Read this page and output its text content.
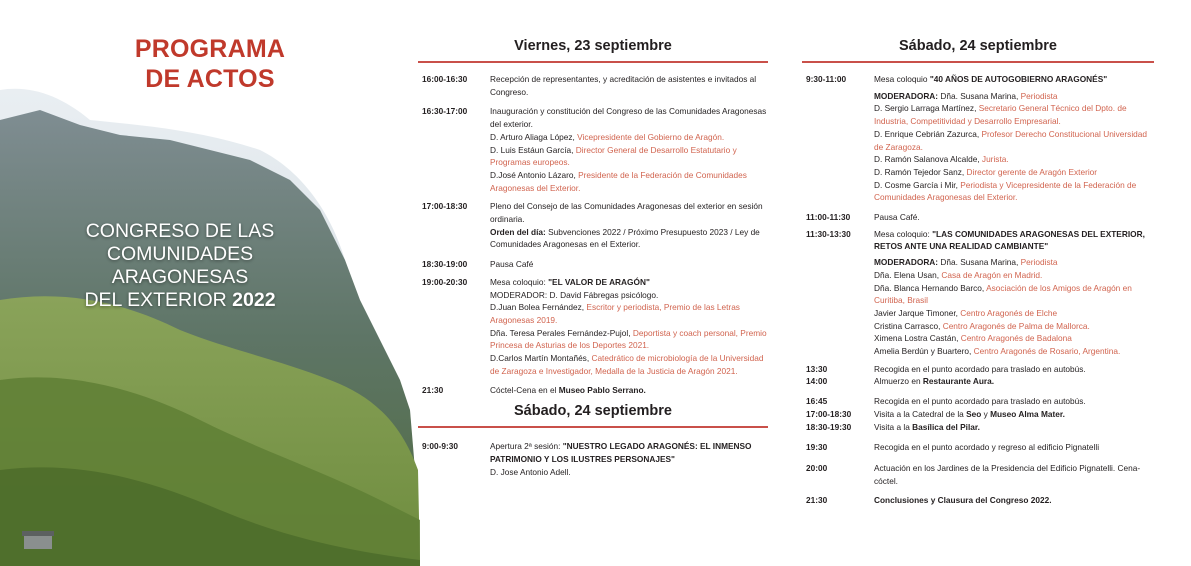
PROGRAMA
DE ACTOS
CONGRESO DE LAS
COMUNIDADES
ARAGONESAS
DEL EXTERIOR 2022
Viernes, 23 septiembre
16:00-16:30	Recepción de representantes, y acreditación de asistentes e invitados al Congreso.

16:30-17:00	Inauguración y constitución del Congreso de las Comunidades Aragonesas del exterior.

D. Arturo Aliaga López, Vicepresidente del Gobierno de Aragón.

D. Luis Estáun García, Director General de Desarrollo Estatutario y Programas europeos.

D.José Antonio Lázaro, Presidente de la Federación de Comunidades Aragonesas del Exterior.

17:00-18:30	Pleno del Consejo de las Comunidades Aragonesas del exterior en sesión ordinaria.

Orden del día: Subvenciones 2022 / Próximo Presupuesto 2023 / Ley de Comunidades Aragonesas en el Exterior.

18:30-19:00	Pausa Café

19:00-20:30	Mesa coloquio: "EL VALOR DE ARAGÓN"

MODERADOR: D. David Fábregas psicólogo.

D.Juan Bolea Fernández, Escritor y periodista, Premio de las Letras Aragonesas 2019.

Dña. Teresa Perales Fernández-Pujol, Deportista y coach personal, Premio Princesa de Asturias de los Deportes 2021.

D.Carlos Martín Montañés, Catedrático de microbiología de la Universidad de Zaragoza e Investigador, Medalla de la Justicia de Aragón 2021.

21:30	Cóctel-Cena en el Museo Pablo Serrano.

Sábado, 24 septiembre
9:00-9:30	Apertura 2ª sesión: "NUESTRO LEGADO ARAGONÉS: EL INMENSO PATRIMONIO Y LOS ILUSTRES PERSONAJES"

D. Jose Antonio Adell.

Sábado, 24 septiembre
9:30-11:00	Mesa coloquio "40 AÑOS DE AUTOGOBIERNO ARAGONÉS"

MODERADORA: Dña. Susana Marina, Periodista

D. Sergio Larraga Martínez, Secretario General Técnico del Dpto. de Industria, Competitividad y Desarrollo Empresarial.

D. Enrique Cebrián Zazurca, Profesor Derecho Constitucional Universidad de Zaragoza.

D. Ramón Salanova Alcalde, Jurista.

D. Ramón Tejedor Sanz, Director gerente de Aragón Exterior

D. Cosme García i Mir, Periodista y Vicepresidente de la Federación de Comunidades Aragonesas del Exterior.

11:00-11:30	Pausa Café.

11:30-13:30	Mesa coloquio: "LAS COMUNIDADES ARAGONESAS DEL EXTERIOR, RETOS ANTE UNA REALIDAD CAMBIANTE"

MODERADORA: Dña. Susana Marina, Periodista

Dña. Elena Usan, Casa de Aragón en Madrid.

Dña. Blanca Hernando Barco, Asociación de los Amigos de Aragón en Curitiba, Brasil

Javier Jarque Timoner, Centro Aragonés de Elche

Cristina Carrasco, Centro Aragonés de Palma de Mallorca.

Ximena Lostra Castán, Centro Aragonés de Badalona

Amelia Berdún y Buartero, Centro Aragonés de Rosario, Argentina.

13:30	Recogida en el punto acordado para traslado en autobús.

14:00	Almuerzo en Restaurante Aura.

16:45	Recogida en el punto acordado para traslado en autobús.

17:00-18:30	Visita a la Catedral de la Seo y Museo Alma Mater.

18:30-19:30	Visita a la Basílica del Pilar.

19:30	Recogida en el punto acordado y regreso al edificio Pignatelli

20:00	Actuación en los Jardines de la Presidencia del Edificio Pignatelli. Cena-cóctel.

21:30	Conclusiones y Clausura del Congreso 2022.
